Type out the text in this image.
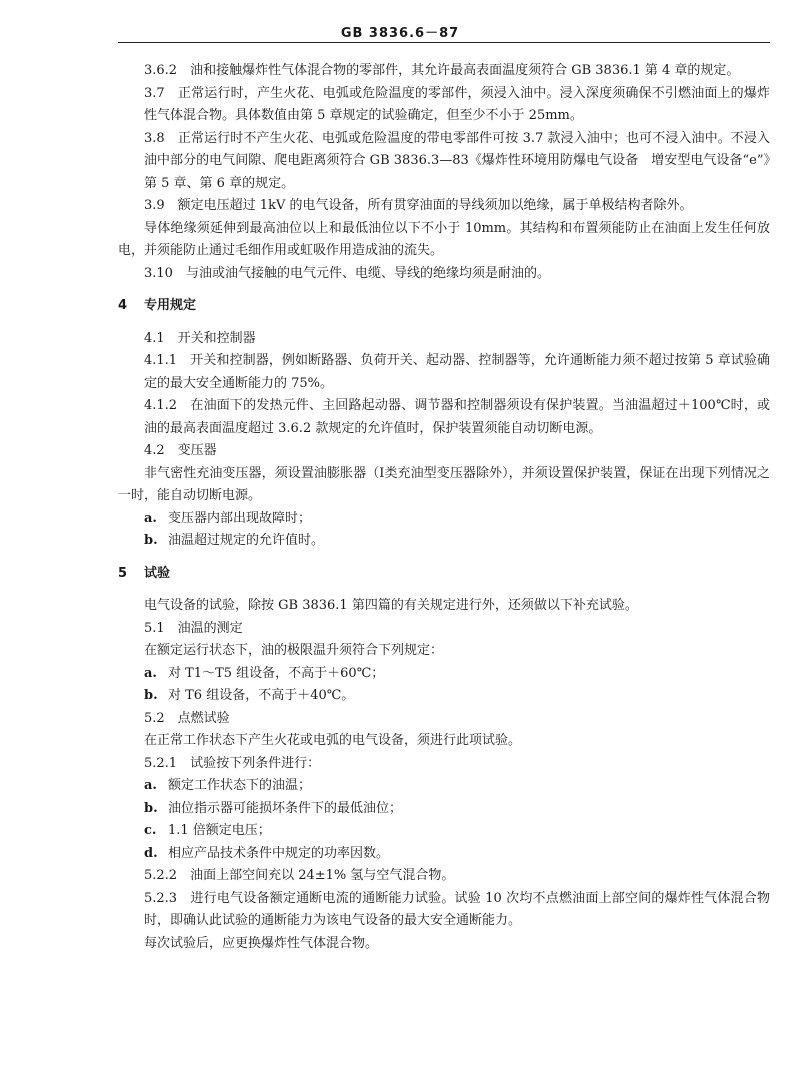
GB 3836.6－87

3.6.2　油和接触爆炸性气体混合物的零部件，其允许最高表面温度须符合 GB 3836.1 第 4 章的规定。

3.7　正常运行时，产生火花、电弧或危险温度的零部件，须浸入油中。浸入深度须确保不引燃油面上的爆炸性气体混合物。具体数值由第 5 章规定的试验确定，但至少不小于 25mm。

3.8　正常运行时不产生火花、电弧或危险温度的带电零部件可按 3.7 款浸入油中；也可不浸入油中。不浸入油中部分的电气间隙、爬电距离须符合 GB 3836.3—83《爆炸性环境用防爆电气设备　增安型电气设备“e”》第 5 章、第 6 章的规定。

3.9　额定电压超过 1kV 的电气设备，所有贯穿油面的导线须加以绝缘，属于单极结构者除外。

导体绝缘须延伸到最高油位以上和最低油位以下不小于 10mm。其结构和布置须能防止在油面上发生任何放电，并须能防止通过毛细作用或虹吸作用造成油的流失。

3.10　与油或油气接触的电气元件、电缆、导线的绝缘均须是耐油的。

4 专用规定

4.1　开关和控制器

4.1.1　开关和控制器，例如断路器、负荷开关、起动器、控制器等，允许通断能力须不超过按第 5 章试验确定的最大安全通断能力的 75%。

4.1.2　在油面下的发热元件、主回路起动器、调节器和控制器须设有保护装置。当油温超过＋100℃时，或油的最高表面温度超过 3.6.2 款规定的允许值时，保护装置须能自动切断电源。

4.2　变压器

非气密性充油变压器，须设置油膨胀器（Ⅰ类充油型变压器除外），并须设置保护装置，保证在出现下列情况之一时，能自动切断电源。

a. 变压器内部出现故障时；

b. 油温超过规定的允许值时。

5 试验

电气设备的试验，除按 GB 3836.1 第四篇的有关规定进行外，还须做以下补充试验。

5.1　油温的测定

在额定运行状态下，油的极限温升须符合下列规定：

a. 对 T1～T5 组设备，不高于＋60℃；

b. 对 T6 组设备，不高于＋40℃。

5.2　点燃试验

在正常工作状态下产生火花或电弧的电气设备，须进行此项试验。

5.2.1　试验按下列条件进行：

a. 额定工作状态下的油温；

b. 油位指示器可能损坏条件下的最低油位；

c. 1.1 倍额定电压；

d. 相应产品技术条件中规定的功率因数。

5.2.2　油面上部空间充以 24±1% 氢与空气混合物。

5.2.3　进行电气设备额定通断电流的通断能力试验。试验 10 次均不点燃油面上部空间的爆炸性气体混合物时，即确认此试验的通断能力为该电气设备的最大安全通断能力。

每次试验后，应更换爆炸性气体混合物。
